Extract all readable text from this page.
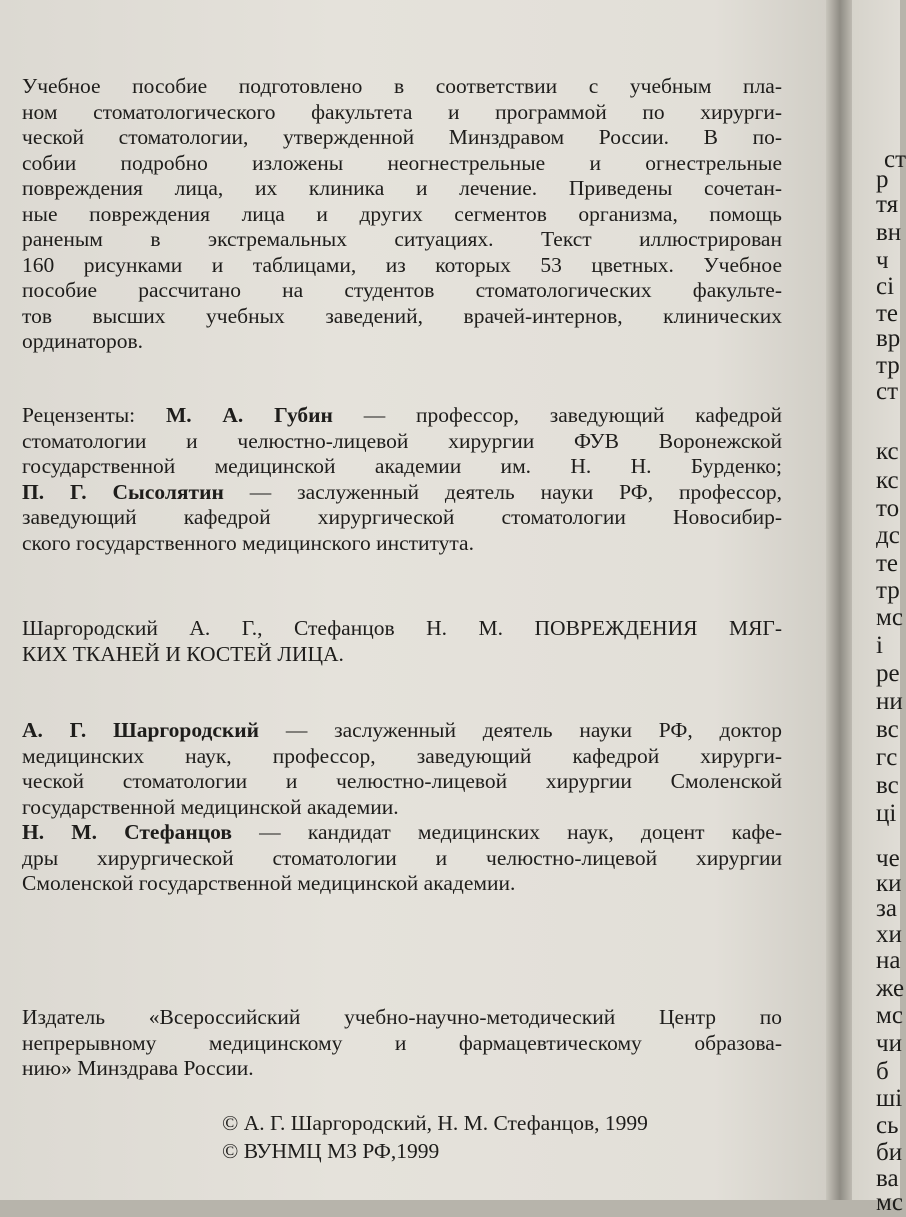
Учебное пособие подготовлено в соответствии с учебным пла-
ном стоматологического факультета и программой по хирурги-
ческой стоматологии, утвержденной Минздравом России. В по-
собии подробно изложены неогнестрельные и огнестрельные
повреждения лица, их клиника и лечение. Приведены сочетан-
ные повреждения лица и других сегментов организма, помощь
раненым в экстремальных ситуациях. Текст иллюстрирован
160 рисунками и таблицами, из которых 53 цветных. Учебное
пособие рассчитано на студентов стоматологических факульте-
тов высших учебных заведений, врачей-интернов, клинических
ординаторов.
Рецензенты: М. А. Губин — профессор, заведующий кафедрой
стоматологии и челюстно-лицевой хирургии ФУВ Воронежской
государственной медицинской академии им. Н. Н. Бурденко;
П. Г. Сысолятин — заслуженный деятель науки РФ, профессор,
заведующий кафедрой хирургической стоматологии Новосибир-
ского государственного медицинского института.
Шаргородский А. Г., Стефанцов Н. М. ПОВРЕЖДЕНИЯ МЯГ-
КИХ ТКАНЕЙ И КОСТЕЙ ЛИЦА.
А. Г. Шаргородский — заслуженный деятель науки РФ, доктор
медицинских наук, профессор, заведующий кафедрой хирурги-
ческой стоматологии и челюстно-лицевой хирургии Смоленской
государственной медицинской академии.
Н. М. Стефанцов — кандидат медицинских наук, доцент кафе-
дры хирургической стоматологии и челюстно-лицевой хирургии
Смоленской государственной медицинской академии.
Издатель «Всероссийский учебно-научно-методический Центр по
непрерывному медицинскому и фармацевтическому образова-
нию» Минздрава России.
© А. Г. Шаргородский, Н. М. Стефанцов, 1999
© ВУНМЦ МЗ РФ,1999
ст
р
тя
вн
ч
сі
те
вр
тр
ст
кс
кс
то
дс
те
тр
мс
і
ре
ни
вс
гс
вс
ці
че
ки
за
хи
на
же
мс
чи
б
ші
сь
би
ва
мс
